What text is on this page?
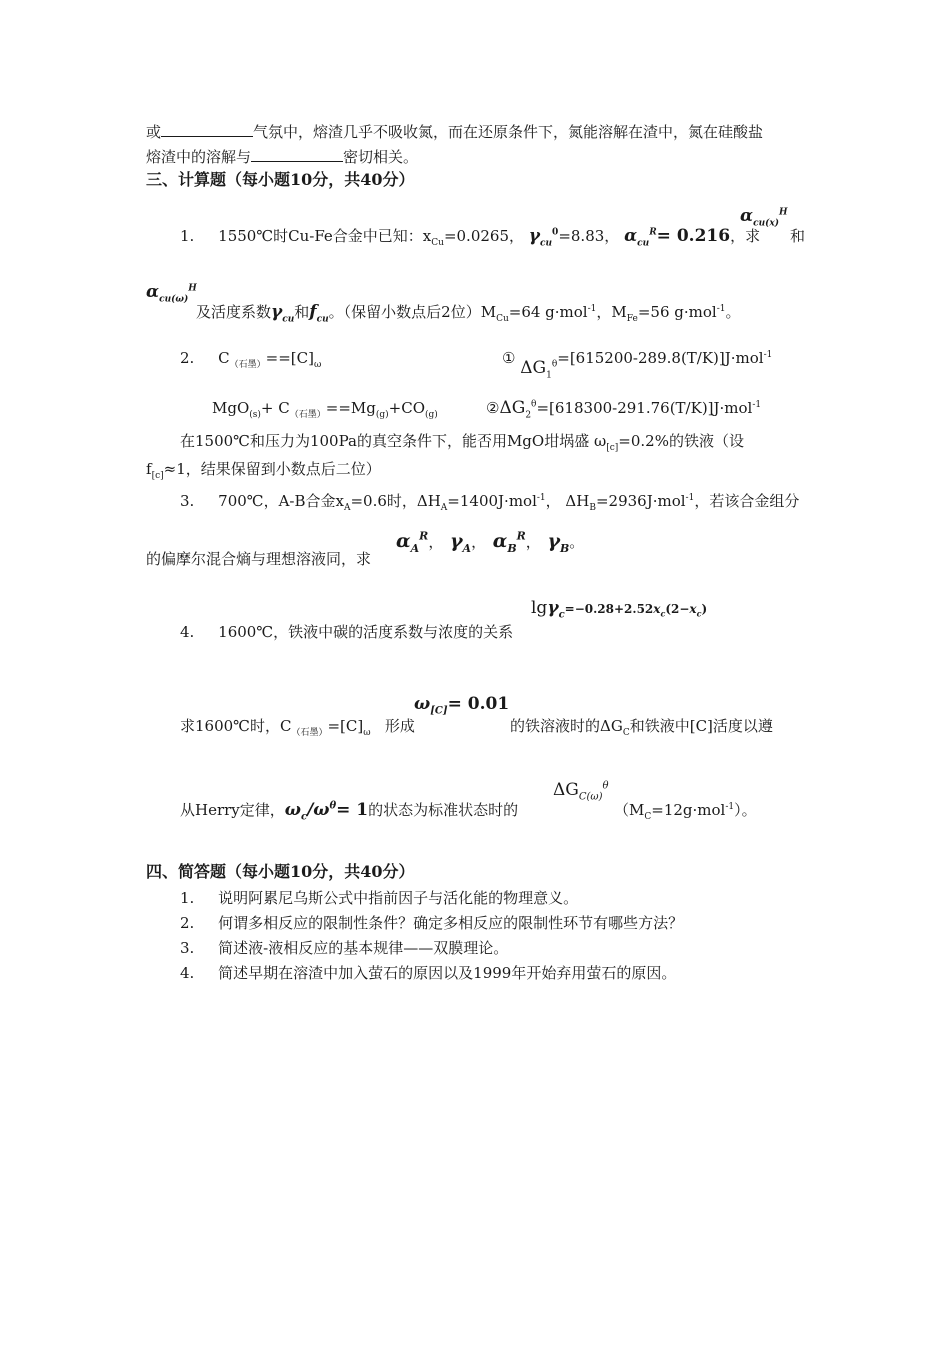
或	气氛中，熔渣几乎不吸收氮，而在还原条件下，氮能溶解在渣中，氮在硅酸盐
熔渣中的溶解与	密切相关。
三、计算题（每小题10分，共40分）
1. 1550℃时Cu-Fe合金中已知：$x_{Cu}=0.0265$， $\gamma_{cu}^0=8.83$， $\alpha_{cu}^R= 0.216$，求
$\alpha_{cu(x)}^H$
和
$\alpha_{cu(\omega)}^H$
及活度系数$\gamma_{cu}$和$f_{cu}$。（保留小数点后2位）$M_{Cu}=64$ g·mol$^{-1}$，$M_{Fe}=56$ g·mol$^{-1}$。
2. $C_{(石墨)}==[C]_\omega$	① $\Delta G_1^\theta=[615200-289.8(T/K)]J\cdot mol^{-1}$
$MgO_{(s)}+ C_{(石墨)}==Mg_{(g)}+CO_{(g)}$	$②\Delta G_2^\theta=[618300-291.76(T/K)]J\cdot mol^{-1}$
在1500℃和压力为100Pa的真空条件下，能否用MgO坩埚盛 $\omega_{[c]}=0.2\%$的铁液（设
$f_{[c]}\approx 1$，结果保留到小数点后二位）
3. 700℃，A-B合金$x_A=0.6$时，$\Delta H_A=1400J\cdot mol^{-1}$， $\Delta H_B=2936J\cdot mol^{-1}$，若该合金组分
的偏摩尔混合熵与理想溶液同，求
$\alpha_A^R$， $\gamma_A$， $\alpha_B^R$， $\gamma_B$。
4. 1600℃，铁液中碳的活度系数与浓度的关系
$\lg\gamma_c=-0.28+2.52x_c(2-x_c)$
求1600℃时，$C_{(石墨)}=[C]_\omega$ 形成
$\omega_{[C]}= 0.01$
的铁溶液时的$\Delta G_C$和铁液中[C]活度以遵
从Herry定律，$\omega_c/\omega^\theta= 1$的状态为标准状态时的
$\Delta G_{C(\omega)}^\theta$
$(M_C=12g\cdot mol^{-1})$。
四、简答题（每小题10分，共40分）
1. 说明阿累尼乌斯公式中指前因子与活化能的物理意义。
2. 何谓多相反应的限制性条件？确定多相反应的限制性环节有哪些方法？
3. 简述液-液相反应的基本规律——双膜理论。
4. 简述早期在溶渣中加入萤石的原因以及1999年开始弃用萤石的原因。
